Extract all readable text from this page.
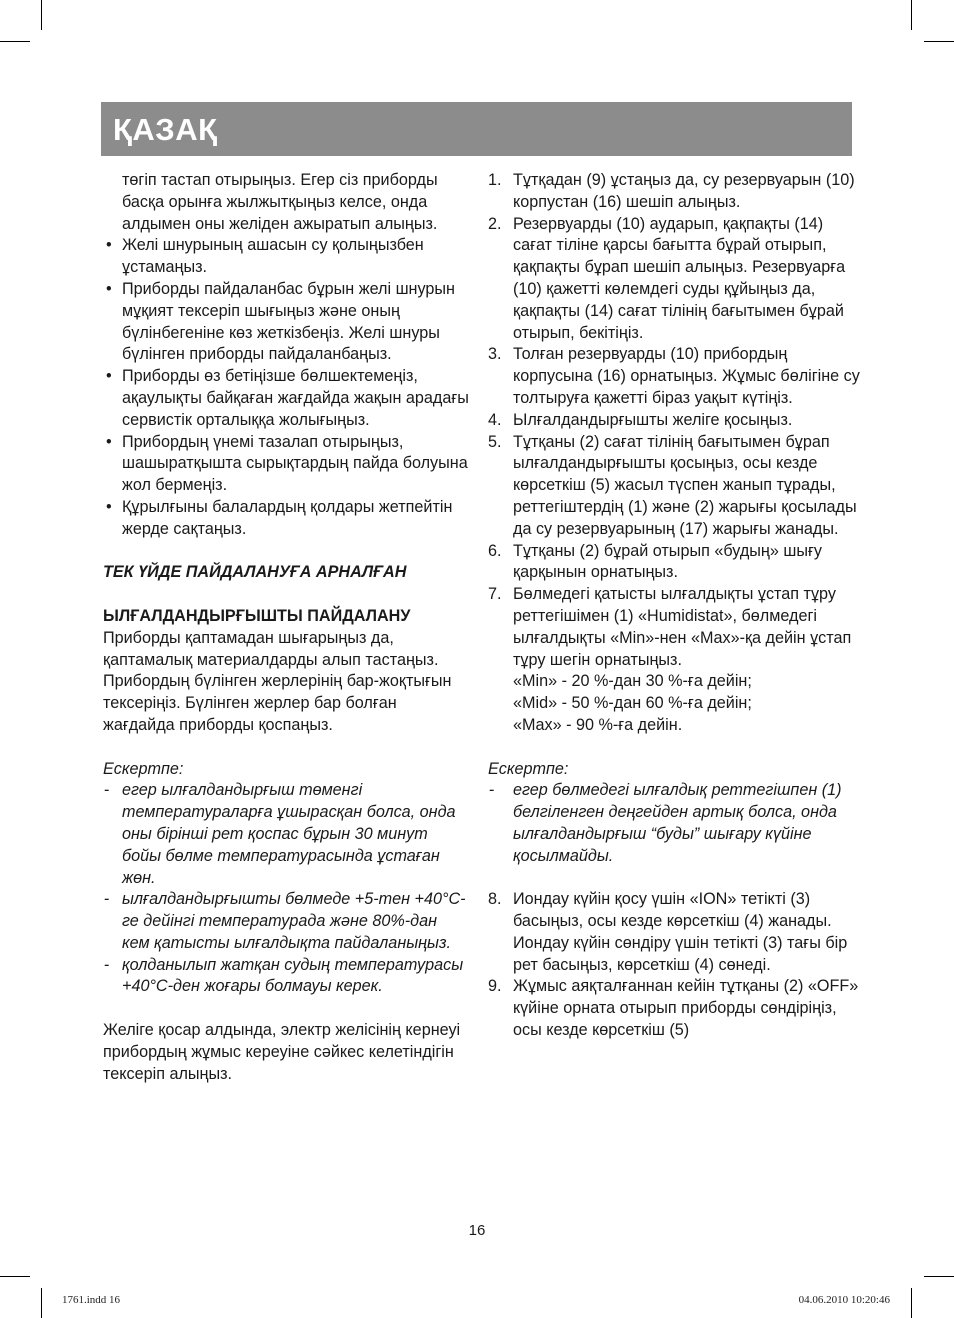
ҚАЗАҚ

төгіп тастап отырыңыз. Егер сіз приборды басқа орынға жылжытқыңыз келсе, онда алдымен оны желіден ажыратып алыңыз.

• Желі шнурының ашасын су қолыңызбен ұстамаңыз.
• Приборды пайдаланбас бұрын желі шнурын мұқият тексеріп шығыңыз және оның бүлінбегеніне көз жеткізбеңіз. Желі шнуры бүлінген приборды пайдаланбаңыз.
• Приборды өз бетіңізше бөлшектемеңіз, ақаулықты байқаған жағдайда жақын арадағы сервистік орталыққа жолығыңыз.
• Прибордың үнемі тазалап отырыңыз, шашыратқышта сырықтардың пайда болуына жол бермеңіз.
• Құрылғыны балалардың қолдары жетпейтін жерде сақтаңыз.

ТЕК ҮЙДЕ ПАЙДАЛАНУҒА АРНАЛҒАН

ЫЛҒАЛДАНДЫРҒЫШТЫ ПАЙДАЛАНУ

Приборды қаптамадан шығарыңыз да, қаптамалық материалдарды алып тастаңыз. Прибордың бүлінген жерлерінің бар-жоқтығын тексеріңіз. Бүлінген жерлер бар болған жағдайда приборды қоспаңыз.

Ескертпе:

- егер ылғалдандырғыш төменгі температураларға ұшырасқан болса, онда оны бірінші рет қоспас бұрын 30 минут бойы бөлме температурасында ұстаған жөн.
- ылғалдандырғышты бөлмеде +5-тен +40°С-ге дейінгі температурада және 80%-дан кем қатысты ылғалдықта пайдаланыңыз.
- қолданылып жатқан судың температурасы +40°С-ден жоғары болмауы керек.

Желіге қосар алдында, электр желісінің кернеуі прибордың жұмыс кереуіне сәйкес келетіндігін тексеріп алыңыз.

1. Тұтқадан (9) ұстаңыз да, су резервуарын (10) корпустан (16) шешіп алыңыз.
2. Резервуарды (10) аударып, қақпақты (14) сағат тіліне қарсы бағытта бұрай отырып, қақпақты бұрап шешіп алыңыз. Резервуарға (10) қажетті көлемдегі суды құйыңыз да, қақпақты (14) сағат тілінің бағытымен бұрай отырып, бекітіңіз.
3. Толған резервуарды (10) прибордың корпусына (16) орнатыңыз. Жұмыс бөлігіне су толтыруға қажетті біраз уақыт күтіңіз.
4. Ылғалдандырғышты желіге қосыңыз.
5. Тұтқаны (2) сағат тілінің бағытымен бұрап ылғалдандырғышты қосыңыз, осы кезде көрсеткіш (5) жасыл түспен жанып тұрады, реттегіштердің (1) және (2) жарығы қосылады да су резервуарының (17) жарығы жанады.
6. Тұтқаны (2) бұрай отырып «будың» шығу қарқынын орнатыңыз.
7. Бөлмедегі қатысты ылғалдықты ұстап тұру реттегішімен (1) «Humidistat», бөлмедегі ылғалдықты «Min»-нен «Max»-қа дейін ұстап тұру шегін орнатыңыз.

«Min» - 20 %-дан 30 %-ға дейін;

«Mid» - 50 %-дан 60 %-ға дейін;

«Max» - 90 %-ға дейін.

Ескертпе:

- егер бөлмедегі ылғалдық реттегішпен (1) белгіленген деңгейден артық болса, онда ылғалдандырғыш “буды” шығару күйіне қосылмайды.
8. Иондау күйін қосу үшін «ION» тетікті (3) басыңыз, осы кезде көрсеткіш (4) жанады. Иондау күйін сөндіру үшін тетікті (3) тағы бір рет басыңыз, көрсеткіш (4) сөнеді.
9. Жұмыс аяқталғаннан кейін тұтқаны (2) «OFF» күйіне орната отырып приборды сөндіріңіз, осы кезде көрсеткіш (5)
16
1761.indd 16	04.06.2010 10:20:46
